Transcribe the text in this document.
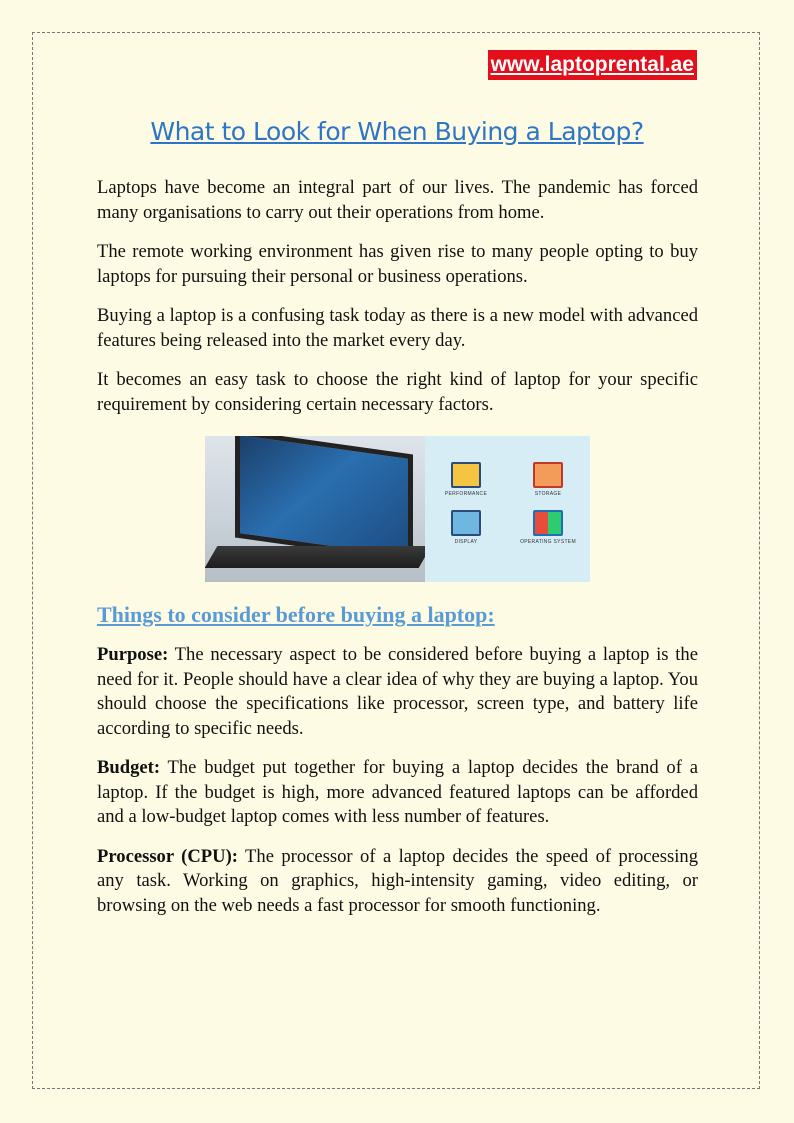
www.laptoprental.ae
What to Look for When Buying a Laptop?

Laptops have become an integral part of our lives. The pandemic has forced many organisations to carry out their operations from home.

The remote working environment has given rise to many people opting to buy laptops for pursuing their personal or business operations.

Buying a laptop is a confusing task today as there is a new model with advanced features being released into the market every day.

It becomes an easy task to choose the right kind of laptop for your specific requirement by considering certain necessary factors.

PERFORMANCE	STORAGE
DISPLAY	OPERATING SYSTEM
Things to consider before buying a laptop:

Purpose: The necessary aspect to be considered before buying a laptop is the need for it. People should have a clear idea of why they are buying a laptop. You should choose the specifications like processor, screen type, and battery life according to specific needs.

Budget: The budget put together for buying a laptop decides the brand of a laptop. If the budget is high, more advanced featured laptops can be afforded and a low-budget laptop comes with less number of features.

Processor (CPU): The processor of a laptop decides the speed of processing any task. Working on graphics, high-intensity gaming, video editing, or browsing on the web needs a fast processor for smooth functioning.
